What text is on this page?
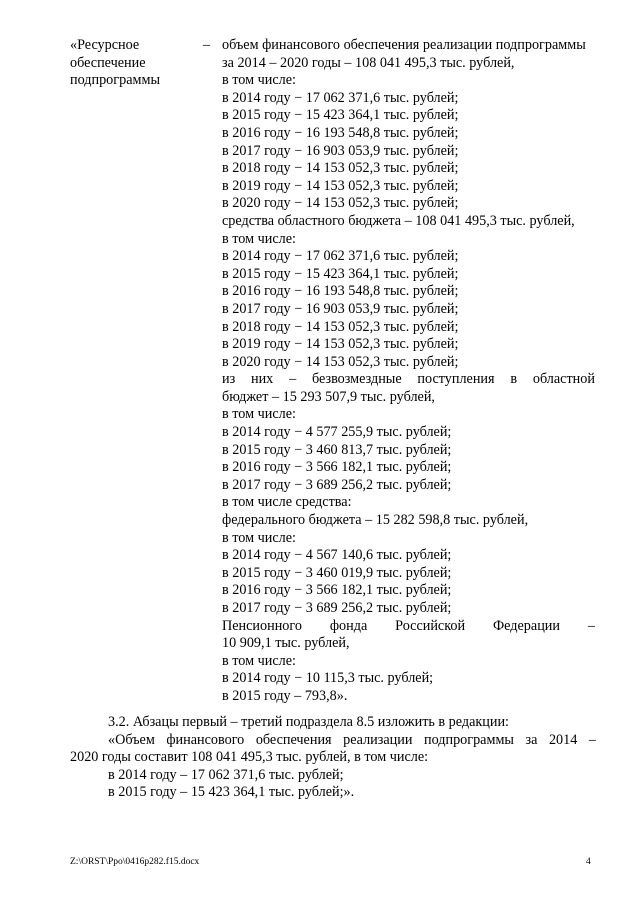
«Ресурсное
обеспечение
подпрограммы
– объем финансового обеспечения реализации подпрограммы
за 2014 – 2020 годы – 108 041 495,3 тыс. рублей,
в том числе:
в 2014 году − 17 062 371,6 тыс. рублей;
в 2015 году − 15 423 364,1 тыс. рублей;
в 2016 году − 16 193 548,8 тыс. рублей;
в 2017 году − 16 903 053,9 тыс. рублей;
в 2018 году − 14 153 052,3 тыс. рублей;
в 2019 году − 14 153 052,3 тыс. рублей;
в 2020 году − 14 153 052,3 тыс. рублей;
средства областного бюджета – 108 041 495,3 тыс. рублей,
в том числе:
в 2014 году − 17 062 371,6 тыс. рублей;
в 2015 году − 15 423 364,1 тыс. рублей;
в 2016 году − 16 193 548,8 тыс. рублей;
в 2017 году − 16 903 053,9 тыс. рублей;
в 2018 году − 14 153 052,3 тыс. рублей;
в 2019 году − 14 153 052,3 тыс. рублей;
в 2020 году − 14 153 052,3 тыс. рублей;
из них – безвозмездные поступления в областной
бюджет – 15 293 507,9 тыс. рублей,
в том числе:
в 2014 году − 4 577 255,9 тыс. рублей;
в 2015 году − 3 460 813,7 тыс. рублей;
в 2016 году − 3 566 182,1 тыс. рублей;
в 2017 году − 3 689 256,2 тыс. рублей;
в том числе средства:
федерального бюджета – 15 282 598,8 тыс. рублей,
в том числе:
в 2014 году − 4 567 140,6 тыс. рублей;
в 2015 году − 3 460 019,9 тыс. рублей;
в 2016 году − 3 566 182,1 тыс. рублей;
в 2017 году − 3 689 256,2 тыс. рублей;
Пенсионного фонда Российской Федерации –
10 909,1 тыс. рублей,
в том числе:
в 2014 году − 10 115,3 тыс. рублей;
в 2015 году – 793,8».
3.2. Абзацы первый – третий подраздела 8.5 изложить в редакции:
«Объем финансового обеспечения реализации подпрограммы за 2014 –
2020 годы составит 108 041 495,3 тыс. рублей, в том числе:
в 2014 году – 17 062 371,6 тыс. рублей;
в 2015 году – 15 423 364,1 тыс. рублей;».
Z:\ORST\Ppo\0416p282.f15.docx	4
